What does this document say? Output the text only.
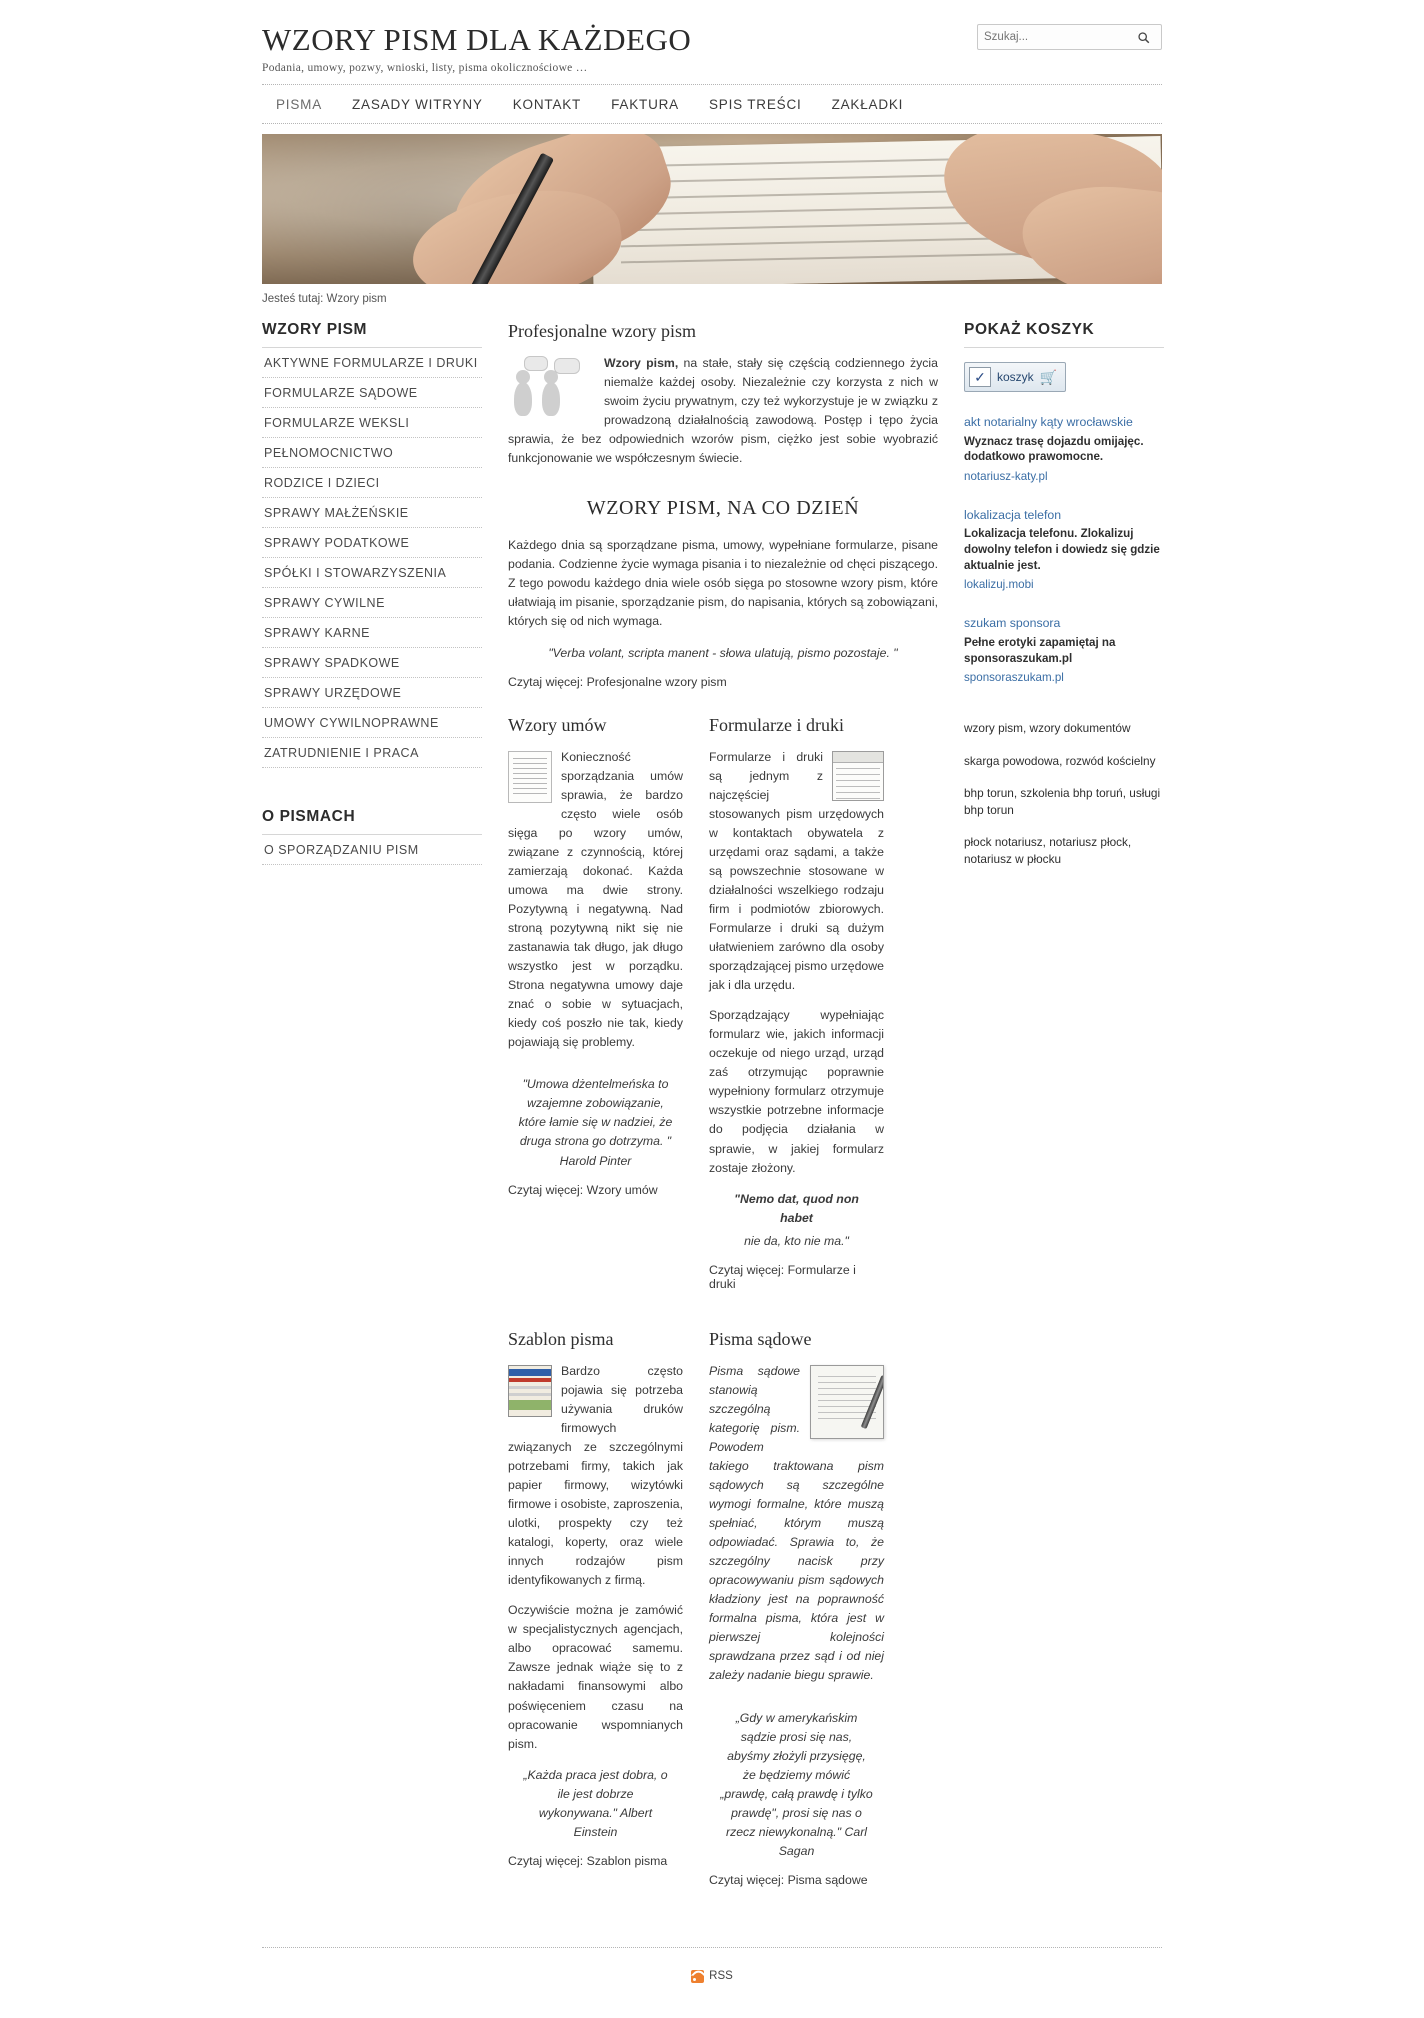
WZORY PISM DLA KAŻDEGO
Podania, umowy, pozwy, wnioski, listy, pisma okolicznościowe …
Szukaj...
PISMA ZASADY WITRYNY KONTAKT FAKTURA SPIS TREŚCI ZAKŁADKI
Jesteś tutaj: Wzory pism
WZORY PISM
AKTYWNE FORMULARZE I DRUKI
FORMULARZE SĄDOWE
FORMULARZE WEKSLI
PEŁNOMOCNICTWO
RODZICE I DZIECI
SPRAWY MAŁŻEŃSKIE
SPRAWY PODATKOWE
SPÓŁKI I STOWARZYSZENIA
SPRAWY CYWILNE
SPRAWY KARNE
SPRAWY SPADKOWE
SPRAWY URZĘDOWE
UMOWY CYWILNOPRAWNE
ZATRUDNIENIE I PRACA
O PISMACH
O SPORZĄDZANIU PISM
Profesjonalne wzory pism

Wzory pism, na stałe, stały się częścią codziennego życia niemalże każdej osoby. Niezależnie czy korzysta z nich w swoim życiu prywatnym, czy też wykorzystuje je w związku z prowadzoną działalnością zawodową. Postęp i tępo życia sprawia, że bez odpowiednich wzorów pism, ciężko jest sobie wyobrazić funkcjonowanie we współczesnym świecie.

WZORY PISM, NA CO DZIEŃ

Każdego dnia są sporządzane pisma, umowy, wypełniane formularze, pisane podania. Codzienne życie wymaga pisania i to niezależnie od chęci piszącego. Z tego powodu każdego dnia wiele osób sięga po stosowne wzory pism, które ułatwiają im pisanie, sporządzanie pism, do napisania, których są zobowiązani, których się od nich wymaga.

"Verba volant, scripta manent - słowa ulatują, pismo pozostaje. "

Czytaj więcej: Profesjonalne wzory pism
Wzory umów

Konieczność sporządzania umów sprawia, że bardzo często wiele osób sięga po wzory umów, związane z czynnością, której zamierzają dokonać. Każda umowa ma dwie strony. Pozytywną i negatywną. Nad stroną pozytywną nikt się nie zastanawia tak długo, jak długo wszystko jest w porządku. Strona negatywna umowy daje znać o sobie w sytuacjach, kiedy coś poszło nie tak, kiedy pojawiają się problemy.

"Umowa dżentelmeńska to wzajemne zobowiązanie, które łamie się w nadziei, że druga strona go dotrzyma. " Harold Pinter

Czytaj więcej: Wzory umów
Formularze i druki

Formularze i druki są jednym z najczęściej stosowanych pism urzędowych w kontaktach obywatela z urzędami oraz sądami, a także są powszechnie stosowane w działalności wszelkiego rodzaju firm i podmiotów zbiorowych. Formularze i druki są dużym ułatwieniem zarówno dla osoby sporządzającej pismo urzędowe jak i dla urzędu.

Sporządzający wypełniając formularz wie, jakich informacji oczekuje od niego urząd, urząd zaś otrzymując poprawnie wypełniony formularz otrzymuje wszystkie potrzebne informacje do podjęcia działania w sprawie, w jakiej formularz zostaje złożony.

"Nemo dat, quod non habet

nie da, kto nie ma."

Czytaj więcej: Formularze i druki
Szablon pisma

Bardzo często pojawia się potrzeba używania druków firmowych związanych ze szczególnymi potrzebami firmy, takich jak papier firmowy, wizytówki firmowe i osobiste, zaproszenia, ulotki, prospekty czy też katalogi, koperty, oraz wiele innych rodzajów pism identyfikowanych z firmą.

Oczywiście można je zamówić w specjalistycznych agencjach, albo opracować samemu. Zawsze jednak wiąże się to z nakładami finansowymi albo poświęceniem czasu na opracowanie wspomnianych pism.

„Każda praca jest dobra, o ile jest dobrze wykonywana." Albert Einstein

Czytaj więcej: Szablon pisma
Pisma sądowe

Pisma sądowe stanowią szczególną kategorię pism. Powodem takiego traktowana pism sądowych są szczególne wymogi formalne, które muszą spełniać, którym muszą odpowiadać. Sprawia to, że szczególny nacisk przy opracowywaniu pism sądowych kładziony jest na poprawność formalna pisma, która jest w pierwszej kolejności sprawdzana przez sąd i od niej zależy nadanie biegu sprawie.

„Gdy w amerykańskim sądzie prosi się nas, abyśmy złożyli przysięgę, że będziemy mówić „prawdę, całą prawdę i tylko prawdę", prosi się nas o rzecz niewykonalną." Carl Sagan

Czytaj więcej: Pisma sądowe
POKAŻ KOSZYK
✓ koszyk 🛒
akt notarialny kąty wrocławskie
Wyznacz trasę dojazdu omijajęc. dodatkowo prawomocne.
notariusz-katy.pl
lokalizacja telefon
Lokalizacja telefonu. Zlokalizuj dowolny telefon i dowiedz się gdzie aktualnie jest.
lokalizuj.mobi
szukam sponsora
Pełne erotyki zapamiętaj na sponsoraszukam.pl
sponsoraszukam.pl

wzory pism, wzory dokumentów

skarga powodowa, rozwód kościelny

bhp torun, szkolenia bhp toruń, usługi bhp torun

płock notariusz, notariusz płock, notariusz w płocku

RSS
